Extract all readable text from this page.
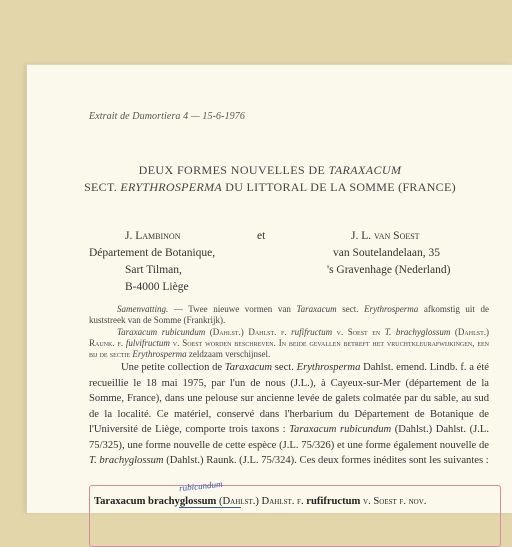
Extrait de Dumortiera 4 — 15-6-1976
DEUX FORMES NOUVELLES DE TARAXACUM
SECT. ERYTHROSPERMA DU LITTORAL DE LA SOMME (FRANCE)
J. Lambinon
Département de Botanique,
Sart Tilman,
B-4000 Liège
et	J. L. van Soest
van Soutelandelaan, 35
's Gravenhage (Nederland)

Samenvatting. — Twee nieuwe vormen van Taraxacum sect. Erythrosperma afkomstig uit de kuststreek van de Somme (Frankrijk).

Taraxacum rubicundum (Dahlst.) Dahlst. f. rufifructum v. Soest en T. brachyglossum (Dahlst.) Raunk. f. fulvifructum v. Soest worden beschreven. In beide gevallen betreft het vruchtkleurafwijkingen, een bij de sectie Erythrosperma zeldzaam verschijnsel.

Une petite collection de Taraxacum sect. Erythrosperma Dahlst. emend. Lindb. f. a été recueillie le 18 mai 1975, par l'un de nous (J.L.), à Cayeux-sur-Mer (département de la Somme, France), dans une pelouse sur ancienne levée de galets colmatée par du sable, au sud de la localité. Ce matériel, conservé dans l'herbarium du Département de Botanique de l'Université de Liège, comporte trois taxons : Taraxacum rubicundum (Dahlst.) Dahlst. (J.L. 75/325), une forme nouvelle de cette espèce (J.L. 75/326) et une forme également nouvelle de T. brachyglossum (Dahlst.) Raunk. (J.L. 75/324). Ces deux formes inédites sont les suivantes :

Taraxacum brachyglossum (Dahlst.) Dahlst. f. rufifructum v. Soest f. nov.
rubicundum
